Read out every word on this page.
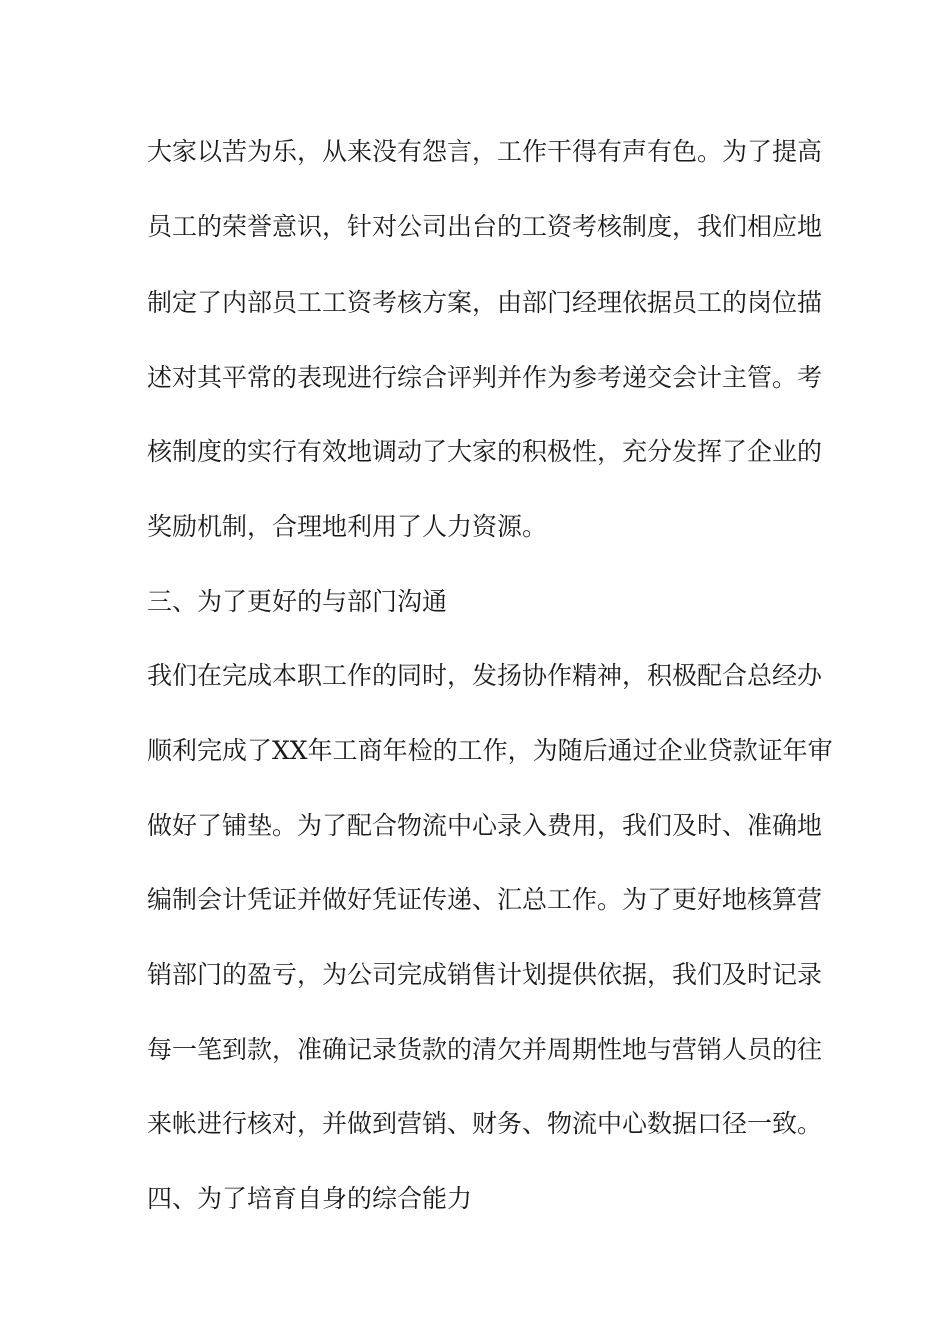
大家以苦为乐，从来没有怨言，工作干得有声有色。为了提高
员工的荣誉意识，针对公司出台的工资考核制度，我们相应地
制定了内部员工工资考核方案，由部门经理依据员工的岗位描
述对其平常的表现进行综合评判并作为参考递交会计主管。考
核制度的实行有效地调动了大家的积极性，充分发挥了企业的
奖励机制，合理地利用了人力资源。
三、为了更好的与部门沟通
我们在完成本职工作的同时，发扬协作精神，积极配合总经办
顺利完成了XX年工商年检的工作，为随后通过企业贷款证年审
做好了铺垫。为了配合物流中心录入费用，我们及时、准确地
编制会计凭证并做好凭证传递、汇总工作。为了更好地核算营
销部门的盈亏，为公司完成销售计划提供依据，我们及时记录
每一笔到款，准确记录货款的清欠并周期性地与营销人员的往
来帐进行核对，并做到营销、财务、物流中心数据口径一致。
四、为了培育自身的综合能力
